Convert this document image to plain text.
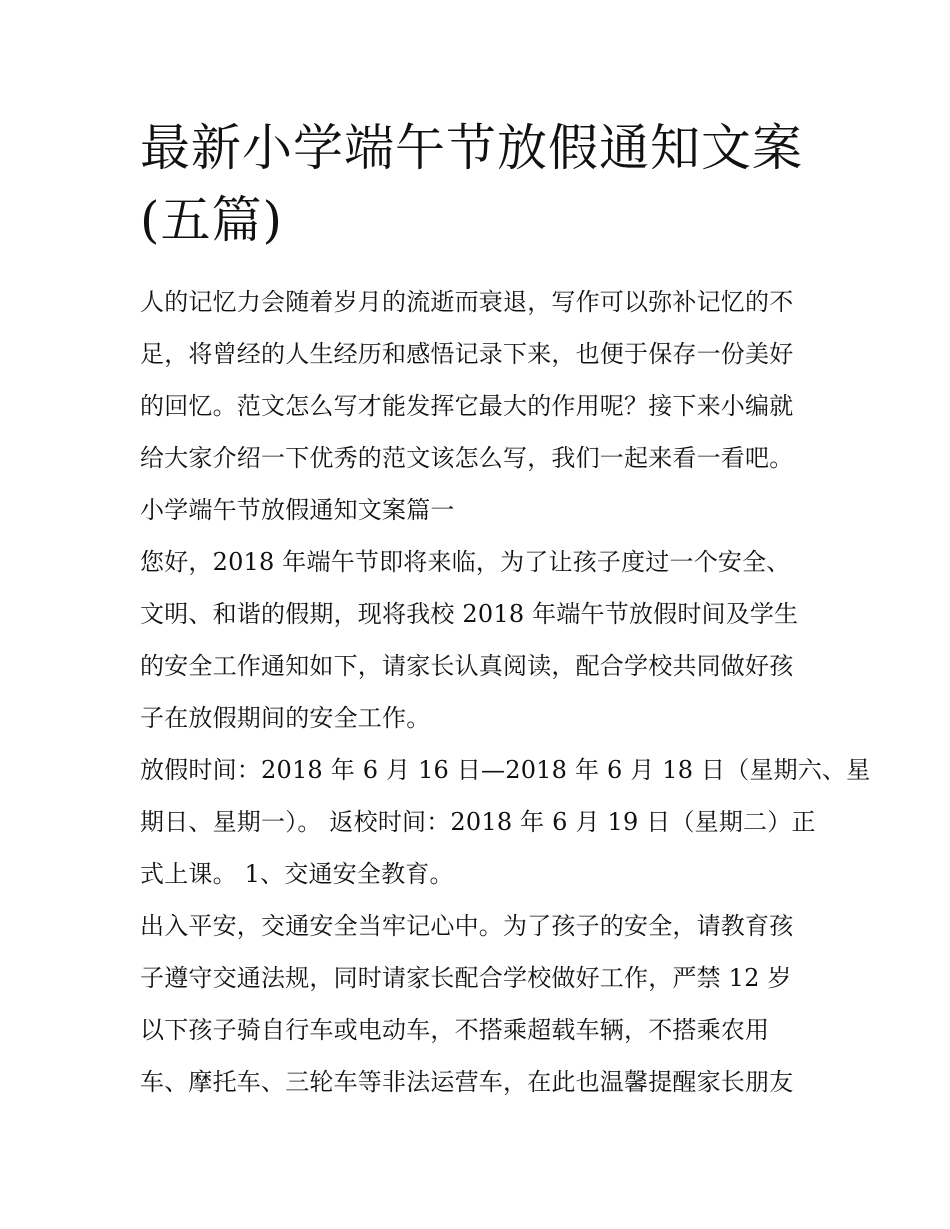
最新小学端午节放假通知文案
(五篇)

人的记忆力会随着岁月的流逝而衰退，写作可以弥补记忆的不

足，将曾经的人生经历和感悟记录下来，也便于保存一份美好

的回忆。范文怎么写才能发挥它最大的作用呢？接下来小编就

给大家介绍一下优秀的范文该怎么写，我们一起来看一看吧。

小学端午节放假通知文案篇一

您好，2018 年端午节即将来临，为了让孩子度过一个安全、

文明、和谐的假期，现将我校 2018 年端午节放假时间及学生

的安全工作通知如下，请家长认真阅读，配合学校共同做好孩

子在放假期间的安全工作。

放假时间：2018 年 6 月 16 日—2018 年 6 月 18 日（星期六、星

期日、星期一）。 返校时间：2018 年 6 月 19 日（星期二）正

式上课。 1、交通安全教育。

出入平安，交通安全当牢记心中。为了孩子的安全，请教育孩

子遵守交通法规，同时请家长配合学校做好工作，严禁 12 岁

以下孩子骑自行车或电动车，不搭乘超载车辆，不搭乘农用

车、摩托车、三轮车等非法运营车，在此也温馨提醒家长朋友
